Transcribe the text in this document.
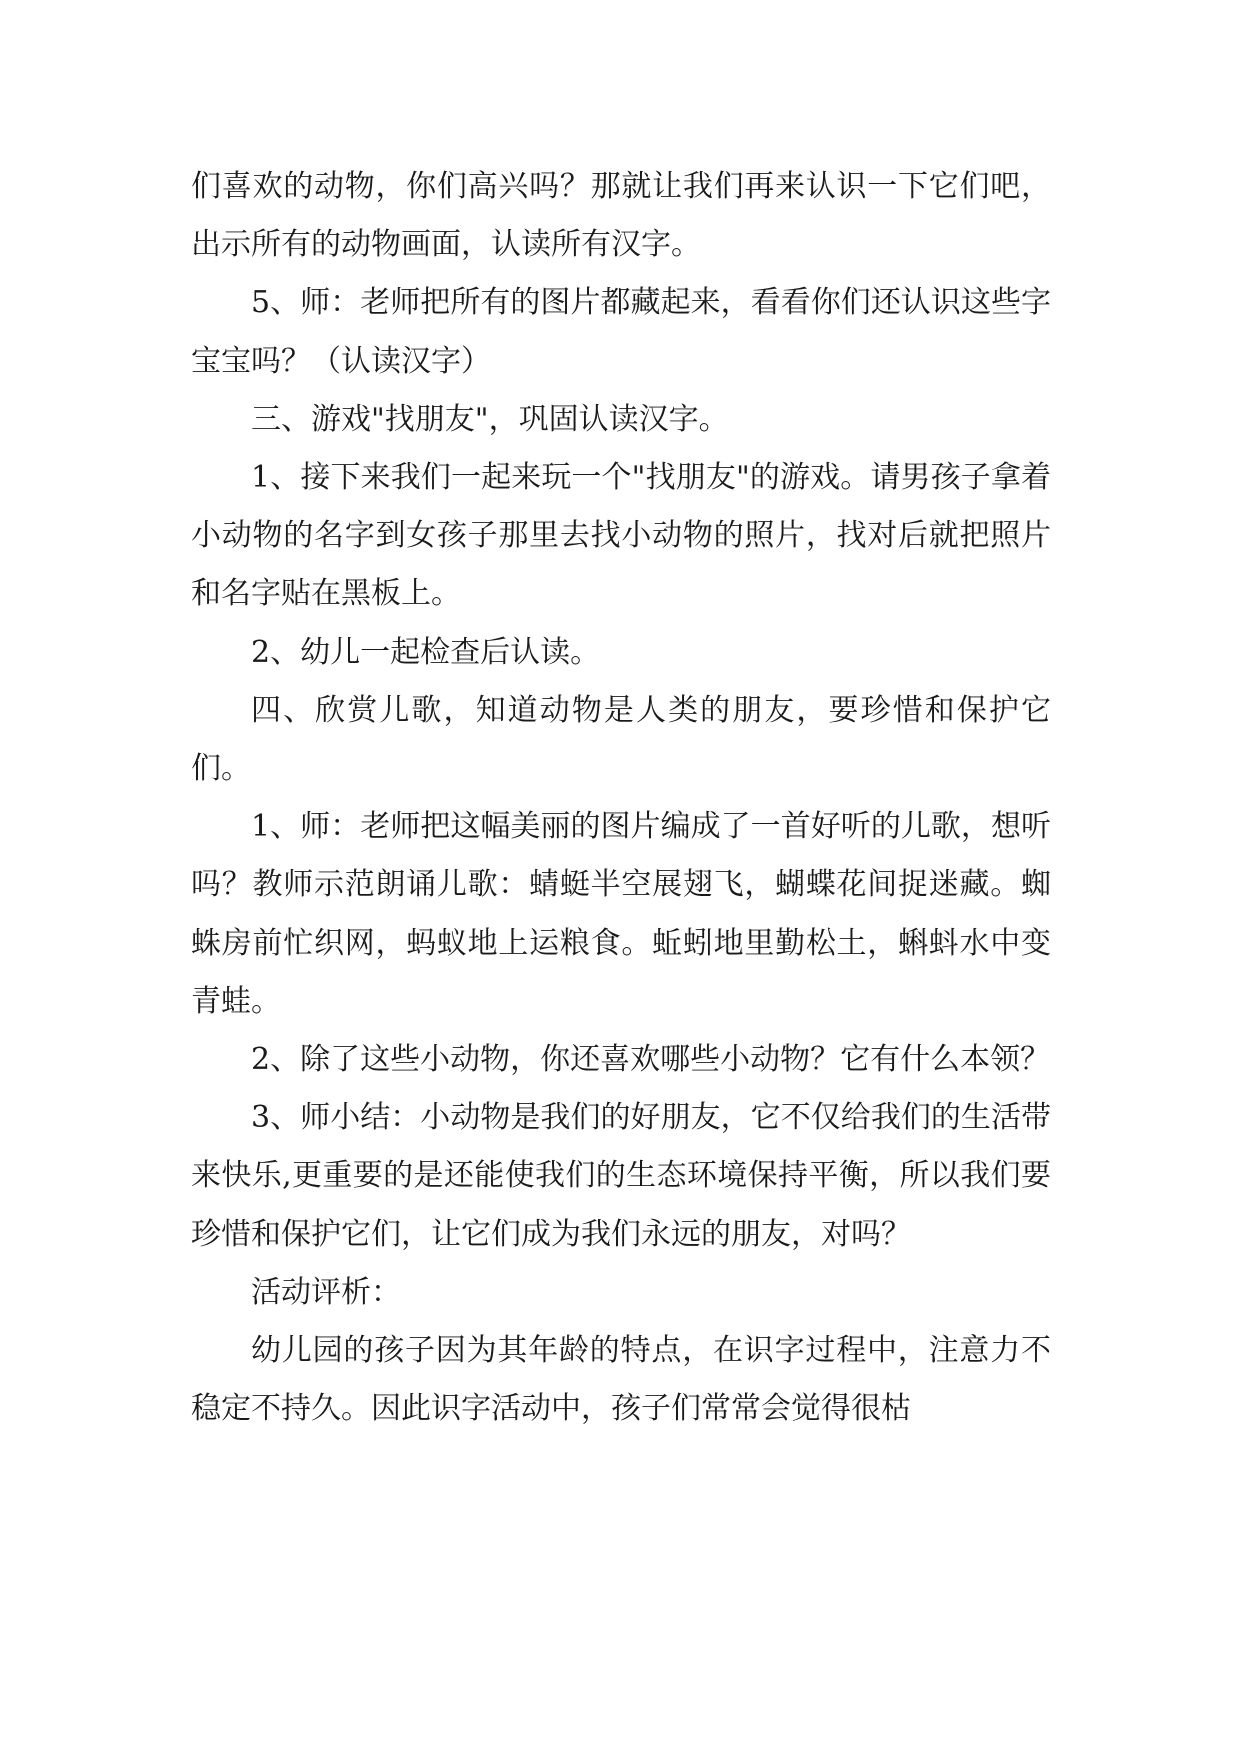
们喜欢的动物，你们高兴吗？那就让我们再来认识一下它们吧，出示所有的动物画面，认读所有汉字。

5、师：老师把所有的图片都藏起来，看看你们还认识这些字宝宝吗？（认读汉字）

三、游戏"找朋友"，巩固认读汉字。

1、接下来我们一起来玩一个"找朋友"的游戏。请男孩子拿着小动物的名字到女孩子那里去找小动物的照片，找对后就把照片和名字贴在黑板上。

2、幼儿一起检查后认读。

四、欣赏儿歌，知道动物是人类的朋友，要珍惜和保护它们。

1、师：老师把这幅美丽的图片编成了一首好听的儿歌，想听吗？教师示范朗诵儿歌：蜻蜓半空展翅飞，蝴蝶花间捉迷藏。蜘蛛房前忙织网，蚂蚁地上运粮食。蚯蚓地里勤松土，蝌蚪水中变青蛙。

2、除了这些小动物，你还喜欢哪些小动物？它有什么本领？

3、师小结：小动物是我们的好朋友，它不仅给我们的生活带来快乐,更重要的是还能使我们的生态环境保持平衡，所以我们要珍惜和保护它们，让它们成为我们永远的朋友，对吗？

活动评析：

幼儿园的孩子因为其年龄的特点，在识字过程中，注意力不稳定不持久。因此识字活动中，孩子们常常会觉得很枯
